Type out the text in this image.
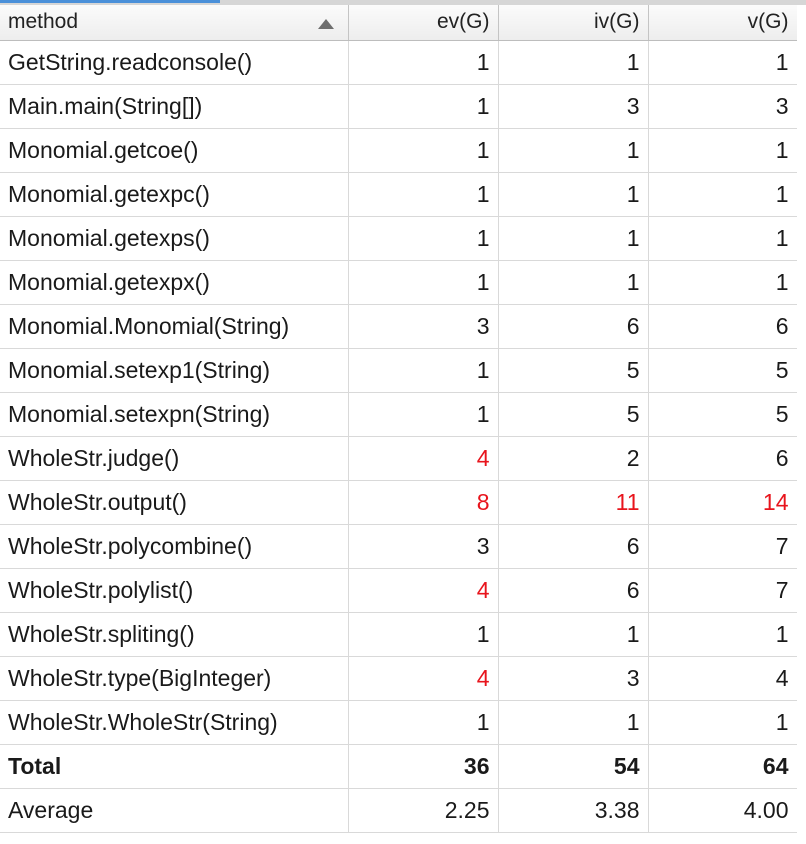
method	ev(G)	iv(G)	v(G)
GetString.readconsole()	1	1	1
Main.main(String[])	1	3	3
Monomial.getcoe()	1	1	1
Monomial.getexpc()	1	1	1
Monomial.getexps()	1	1	1
Monomial.getexpx()	1	1	1
Monomial.Monomial(String)	3	6	6
Monomial.setexp1(String)	1	5	5
Monomial.setexpn(String)	1	5	5
WholeStr.judge()	4	2	6
WholeStr.output()	8	11	14
WholeStr.polycombine()	3	6	7
WholeStr.polylist()	4	6	7
WholeStr.spliting()	1	1	1
WholeStr.type(BigInteger)	4	3	4
WholeStr.WholeStr(String)	1	1	1
Total	36	54	64
Average	2.25	3.38	4.00
